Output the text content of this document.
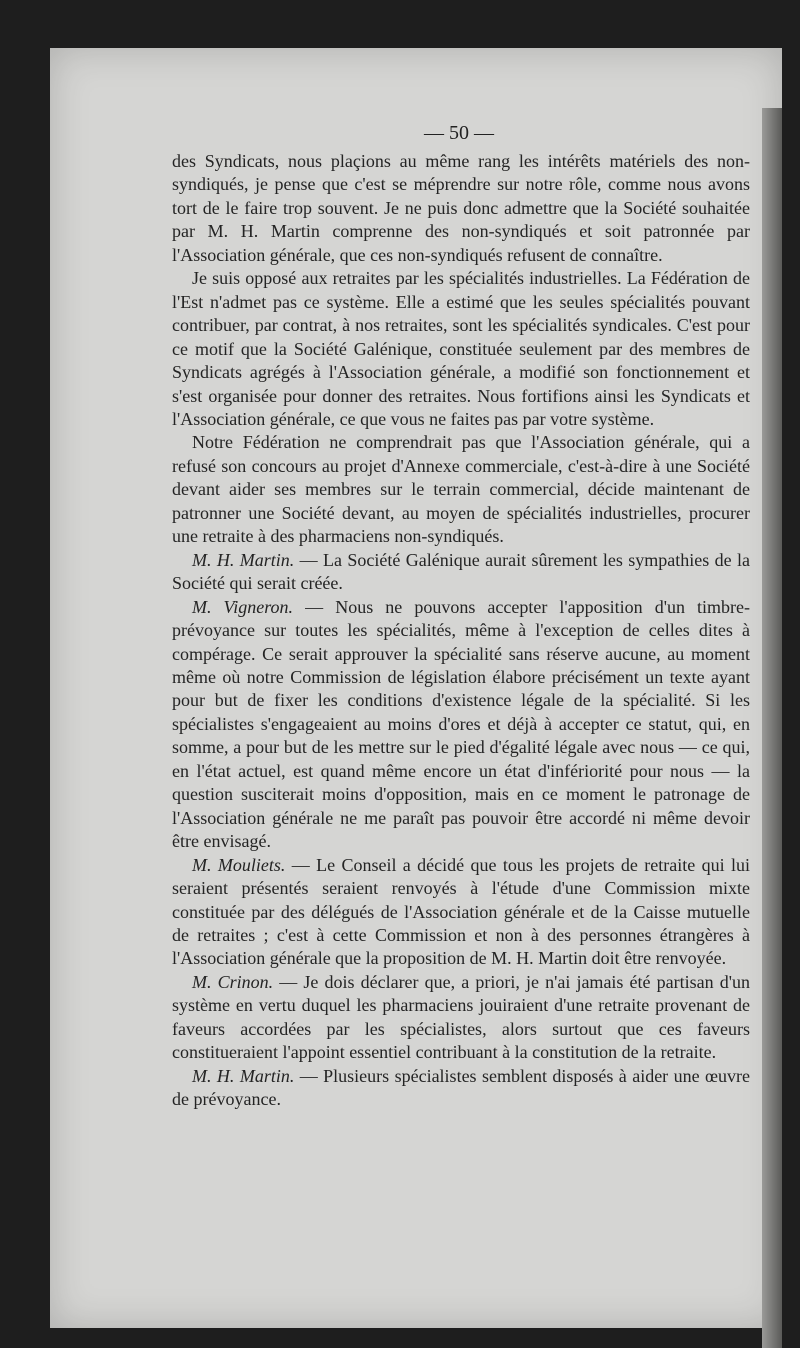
— 50 —

des Syndicats, nous plaçions au même rang les intérêts matériels des non-syndiqués, je pense que c'est se méprendre sur notre rôle, comme nous avons tort de le faire trop souvent. Je ne puis donc admettre que la Société souhaitée par M. H. Martin comprenne des non-syndiqués et soit patronnée par l'Association générale, que ces non-syndiqués refusent de connaître.

Je suis opposé aux retraites par les spécialités industrielles. La Fédération de l'Est n'admet pas ce système. Elle a estimé que les seules spécialités pouvant contribuer, par contrat, à nos retraites, sont les spécialités syndicales. C'est pour ce motif que la Société Galénique, constituée seulement par des membres de Syndicats agrégés à l'Association générale, a modifié son fonctionnement et s'est organisée pour donner des retraites. Nous fortifions ainsi les Syndicats et l'Association générale, ce que vous ne faites pas par votre système.

Notre Fédération ne comprendrait pas que l'Association générale, qui a refusé son concours au projet d'Annexe commerciale, c'est-à-dire à une Société devant aider ses membres sur le terrain commercial, décide maintenant de patronner une Société devant, au moyen de spécialités industrielles, procurer une retraite à des pharmaciens non-syndiqués.

M. H. Martin. — La Société Galénique aurait sûrement les sympathies de la Société qui serait créée.

M. Vigneron. — Nous ne pouvons accepter l'apposition d'un timbre-prévoyance sur toutes les spécialités, même à l'exception de celles dites à compérage. Ce serait approuver la spécialité sans réserve aucune, au moment même où notre Commission de législation élabore précisément un texte ayant pour but de fixer les conditions d'existence légale de la spécialité. Si les spécialistes s'engageaient au moins d'ores et déjà à accepter ce statut, qui, en somme, a pour but de les mettre sur le pied d'égalité légale avec nous — ce qui, en l'état actuel, est quand même encore un état d'infériorité pour nous — la question susciterait moins d'opposition, mais en ce moment le patronage de l'Association générale ne me paraît pas pouvoir être accordé ni même devoir être envisagé.

M. Mouliets. — Le Conseil a décidé que tous les projets de retraite qui lui seraient présentés seraient renvoyés à l'étude d'une Commission mixte constituée par des délégués de l'Association générale et de la Caisse mutuelle de retraites ; c'est à cette Commission et non à des personnes étrangères à l'Association générale que la proposition de M. H. Martin doit être renvoyée.

M. Crinon. — Je dois déclarer que, a priori, je n'ai jamais été partisan d'un système en vertu duquel les pharmaciens jouiraient d'une retraite provenant de faveurs accordées par les spécialistes, alors surtout que ces faveurs constitueraient l'appoint essentiel contribuant à la constitution de la retraite.

M. H. Martin. — Plusieurs spécialistes semblent disposés à aider une œuvre de prévoyance.
